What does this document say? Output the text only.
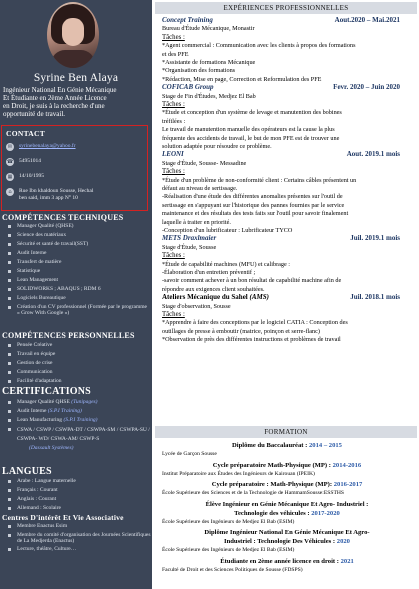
Syrine Ben Alaya
Ingénieur National En Génie Mécanique
Et Étudiante en 2ème Année Licence
en Droit, je suis à la recherche d'une
opportunité de travail.
CONTACT
✉	syrinebenalaya@yahoo.fr
☎ 54951014
▦ 14/10/1995
⌂	Rue Ibn khaldoun Sousse, Hechal
ben said, imm 3 app N° 10
COMPÉTENCES TECHNIQUES
Manager Qualité (QHSE)
Science des matériaux
Sécurité et santé de travail(SST)
Audit Interne
Transfert de matière
Statistique
Lean Management
SOLIDWORKS ; ABAQUS ; RDM 6
Logiciels Bureautique
Création d'un CV professionnel (Formée par le programme « Grow With Google »)
COMPÉTENCES PERSONNELLES
Pensée Créative
Travail en équipe
Gestion de crise
Communication
Facilité d'adaptation
CERTIFICATIONS
Manager Qualité QHSE (Tunipages)
Audit Interne (S.P.I Training)
Lean Manufacturing (S.P.I Training)
CSWA / CSWP / CSWPA-DT / CSWPA-SM / CSWPA-SU / CSWPA- WD/ CSWA-AM/ CSWP-S
(Dassault Systèmes)
LANGUES
Arabe : Langue maternelle
Français : Courant
Anglais : Courant
Allemand : Scolaire
Centres D'intérêt Et Vie Associative
Membre Enactus Esim
Membre du comité d'organisation des Journées Scientifiques de La Medjerda (Enactus)
Lecture, théâtre, Culture…
EXPÉRIENCES PROFESSIONNELLES
Concept Training	Aout.2020 – Mai.2021
Bureau d'Étude Mécanique, Monastir
Tâches :
*Agent commercial : Communication avec les clients à propos des formations
et des PFE
*Assistante de formations Mécanique
*Organisation des formations
*Rédaction, Mise en page, Correction et Reformulation des PFE
COFICAB Group	Fevr. 2020 – Juin 2020
Stage de Fin d'Études, Medjez El Bab
Tâches :
*Étude et conception d'un système de levage et manutention des bobines
tréfilées :
Le travail de manutention manuelle des opérateurs est la cause la plus
fréquente des accidents de travail, le but de mon PFE est de trouver une
solution adaptée pour résoudre ce problème.
LEONI	Aout. 2019.1 mois
Stage d'Étude, Sousse- Messadine
Tâches :
*Étude d'un problème de non-conformité client : Certains câbles présentent un
défaut au niveau de sertissage.
-Réalisation d'une étude des différentes anomalies présentes sur l'outil de
sertissage en s'appuyant sur l'historique des pannes fournies par le service
maintenance et des résultats des tests faits sur l'outil pour savoir finalement
laquelle à traiter en priorité.
-Conception d'un lubrificateur : Lubrificateur TYCO
METS Draxlmaier	Juil. 2019.1 mois
Stage d'Étude, Sousse
Tâches :
*Étude de capabilité machines (MFU) et calibrage :
-Élaboration d'un entretien préventif ;
-savoir comment achever à un bon résultat de capabilité machine afin de
répondre aux exigences client souhaitées.
Ateliers Mécanique du Sahel (AMS)	Juil. 2018.1 mois
Stage d'observation, Sousse
Tâches :
*Apprendre à faire des conceptions par le logiciel CATIA : Conception des
outillages de presse à emboutir (matrice, poinçon et serre-flanc)
*Observation de près des différentes instructions et problèmes de travail
FORMATION
Diplôme du Baccalauréat : 2014 – 2015
Lycée de Garçon Sousse
Cycle préparatoire Math-Physique (MP) : 2014-2016
Institut Préparatoire aux Études des Ingénieurs de Kairouan (IPEIK)
Cycle préparatoire : Math-Physique (MP): 2016-2017
École Supérieure des Sciences et de la Technologie de HammamSousse:ESSTHS
Élève Ingénieur en Génie Mécanique Et Agro- Industriel :
Technologie des véhicules : 2017-2020
École Supérieure des Ingénieurs de Medjez El Bab (ESIM)
Diplôme Ingénieur National En Génie Mécanique Et Agro-
Industriel : Technologie Des Véhicules : 2020
École Supérieure des Ingénieurs de Medjez El Bab (ESIM)
Étudiante en 2ème année licence en droit : 2021
Faculté de Droit et des Sciences Politiques de Sousse (FDSPS)
